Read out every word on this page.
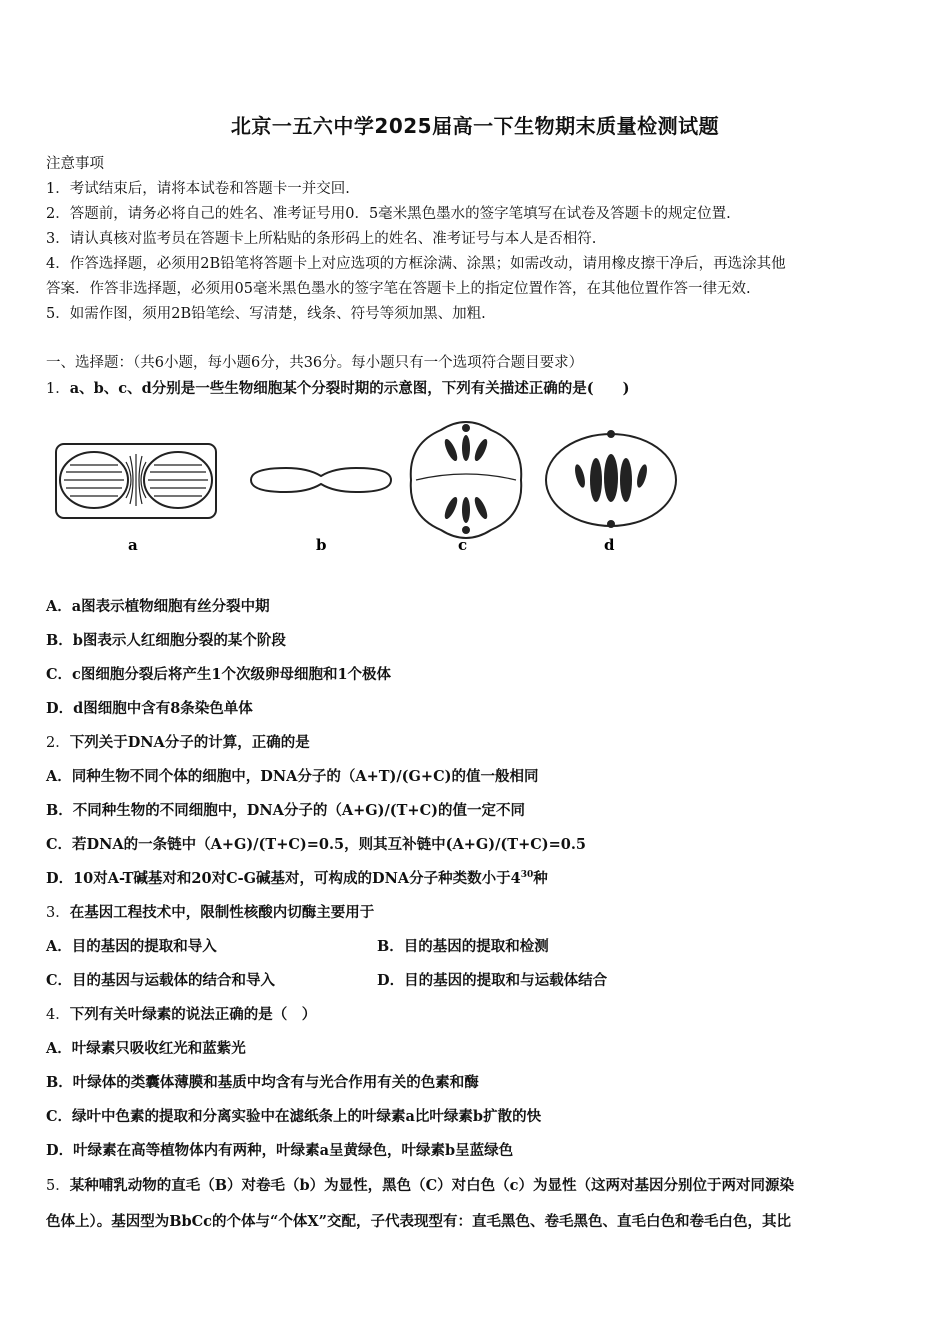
北京一五六中学2025届高一下生物期末质量检测试题
注意事项
1．考试结束后，请将本试卷和答题卡一并交回.
2．答题前，请务必将自己的姓名、准考证号用0．5毫米黑色墨水的签字笔填写在试卷及答题卡的规定位置.
3．请认真核对监考员在答题卡上所粘贴的条形码上的姓名、准考证号与本人是否相符.
4．作答选择题，必须用2B铅笔将答题卡上对应选项的方框涂满、涂黑；如需改动，请用橡皮擦干净后，再选涂其他
答案．作答非选择题，必须用05毫米黑色墨水的签字笔在答题卡上的指定位置作答，在其他位置作答一律无效.
5．如需作图，须用2B铅笔绘、写清楚，线条、符号等须加黑、加粗.
一、选择题：（共6小题，每小题6分，共36分。每小题只有一个选项符合题目要求）
1．a、b、c、d分别是一些生物细胞某个分裂时期的示意图，下列有关描述正确的是(　　)
a	b	c	d
A．a图表示植物细胞有丝分裂中期
B．b图表示人红细胞分裂的某个阶段
C．c图细胞分裂后将产生1个次级卵母细胞和1个极体
D．d图细胞中含有8条染色单体
2．下列关于DNA分子的计算，正确的是
A．同种生物不同个体的细胞中，DNA分子的（A+T)/(G+C)的值一般相同
B．不同种生物的不同细胞中，DNA分子的（A+G)/(T+C)的值一定不同
C．若DNA的一条链中（A+G)/(T+C)=0.5，则其互补链中(A+G)/(T+C)=0.5
D．10对A-T碱基对和20对C-G碱基对，可构成的DNA分子种类数小于$4^{30}$种
3．在基因工程技术中，限制性核酸内切酶主要用于
A．目的基因的提取和导入	B．目的基因的提取和检测
C．目的基因与运载体的结合和导入	D．目的基因的提取和与运载体结合
4．下列有关叶绿素的说法正确的是（　）
A．叶绿素只吸收红光和蓝紫光
B．叶绿体的类囊体薄膜和基质中均含有与光合作用有关的色素和酶
C．绿叶中色素的提取和分离实验中在滤纸条上的叶绿素a比叶绿素b扩散的快
D．叶绿素在高等植物体内有两种，叶绿素a呈黄绿色，叶绿素b呈蓝绿色
5．某种哺乳动物的直毛（B）对卷毛（b）为显性，黑色（C）对白色（c）为显性（这两对基因分别位于两对同源染
色体上）。基因型为BbCc的个体与“个体X”交配，子代表现型有：直毛黑色、卷毛黑色、直毛白色和卷毛白色，其比
